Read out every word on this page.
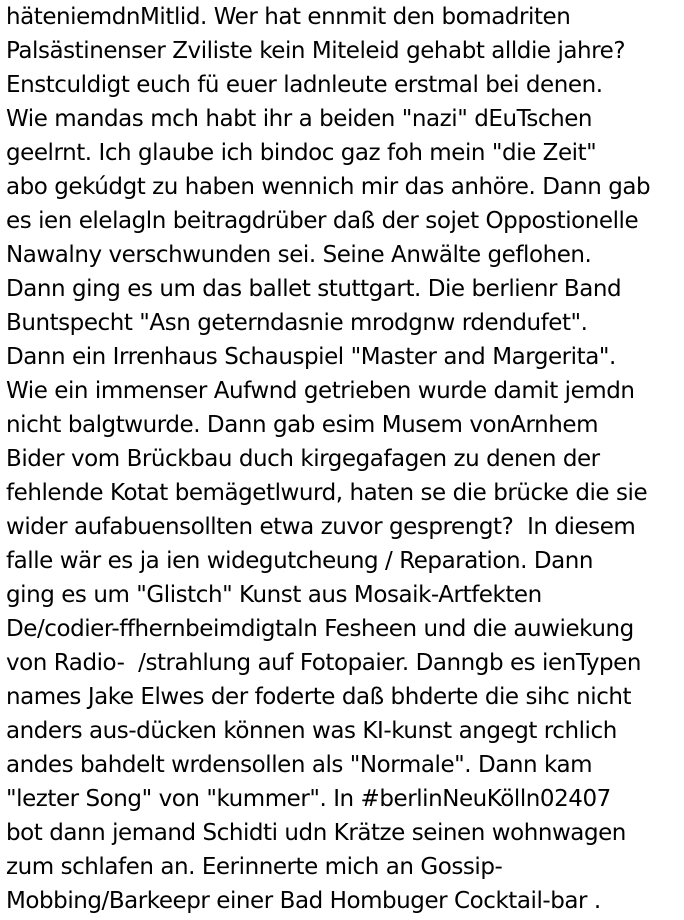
häteniemdnMitlid. Wer hat ennmit den bomadriten
Palsästinenser Zviliste kein Miteleid gehabt alldie jahre?
Enstculdigt euch fü euer ladnleute erstmal bei denen.
Wie mandas mch habt ihr a beiden "nazi" dEuTschen
geelrnt. Ich glaube ich bindoc gaz foh mein "die Zeit"
abo gekúdgt zu haben wennich mir das anhöre. Dann gab
es ien elelagln beitragdrüber daß der sojet Oppostionelle
Nawalny verschwunden sei. Seine Anwälte geflohen.
Dann ging es um das ballet stuttgart. Die berlienr Band
Buntspecht "Asn geterndasnie mrodgnw rdendufet".
Dann ein Irrenhaus Schauspiel "Master and Margerita".
Wie ein immenser Aufwnd getrieben wurde damit jemdn
nicht balgtwurde. Dann gab esim Musem vonArnhem
Bider vom Brückbau duch kirgegafagen zu denen der
fehlende Kotat bemägetlwurd, haten se die brücke die sie
wider aufabuensollten etwa zuvor gesprengt?  In diesem
falle wär es ja ien widegutcheung / Reparation. Dann
ging es um "Glistch" Kunst aus Mosaik-Artfekten
De/codier-ffhernbeimdigtaln Fesheen und die auwiekung
von Radio-  /strahlung auf Fotopaier. Danngb es ienTypen
names Jake Elwes der foderte daß bhderte die sihc nicht
anders aus-dücken können was KI-kunst angegt rchlich
andes bahdelt wrdensollen als "Normale". Dann kam
"lezter Song" von "kummer". In #berlinNeuKölln02407
bot dann jemand Schidti udn Krätze seinen wohnwagen
zum schlafen an. Eerinnerte mich an Gossip-
Mobbing/Barkeepr einer Bad Hombuger Cocktail-bar .
